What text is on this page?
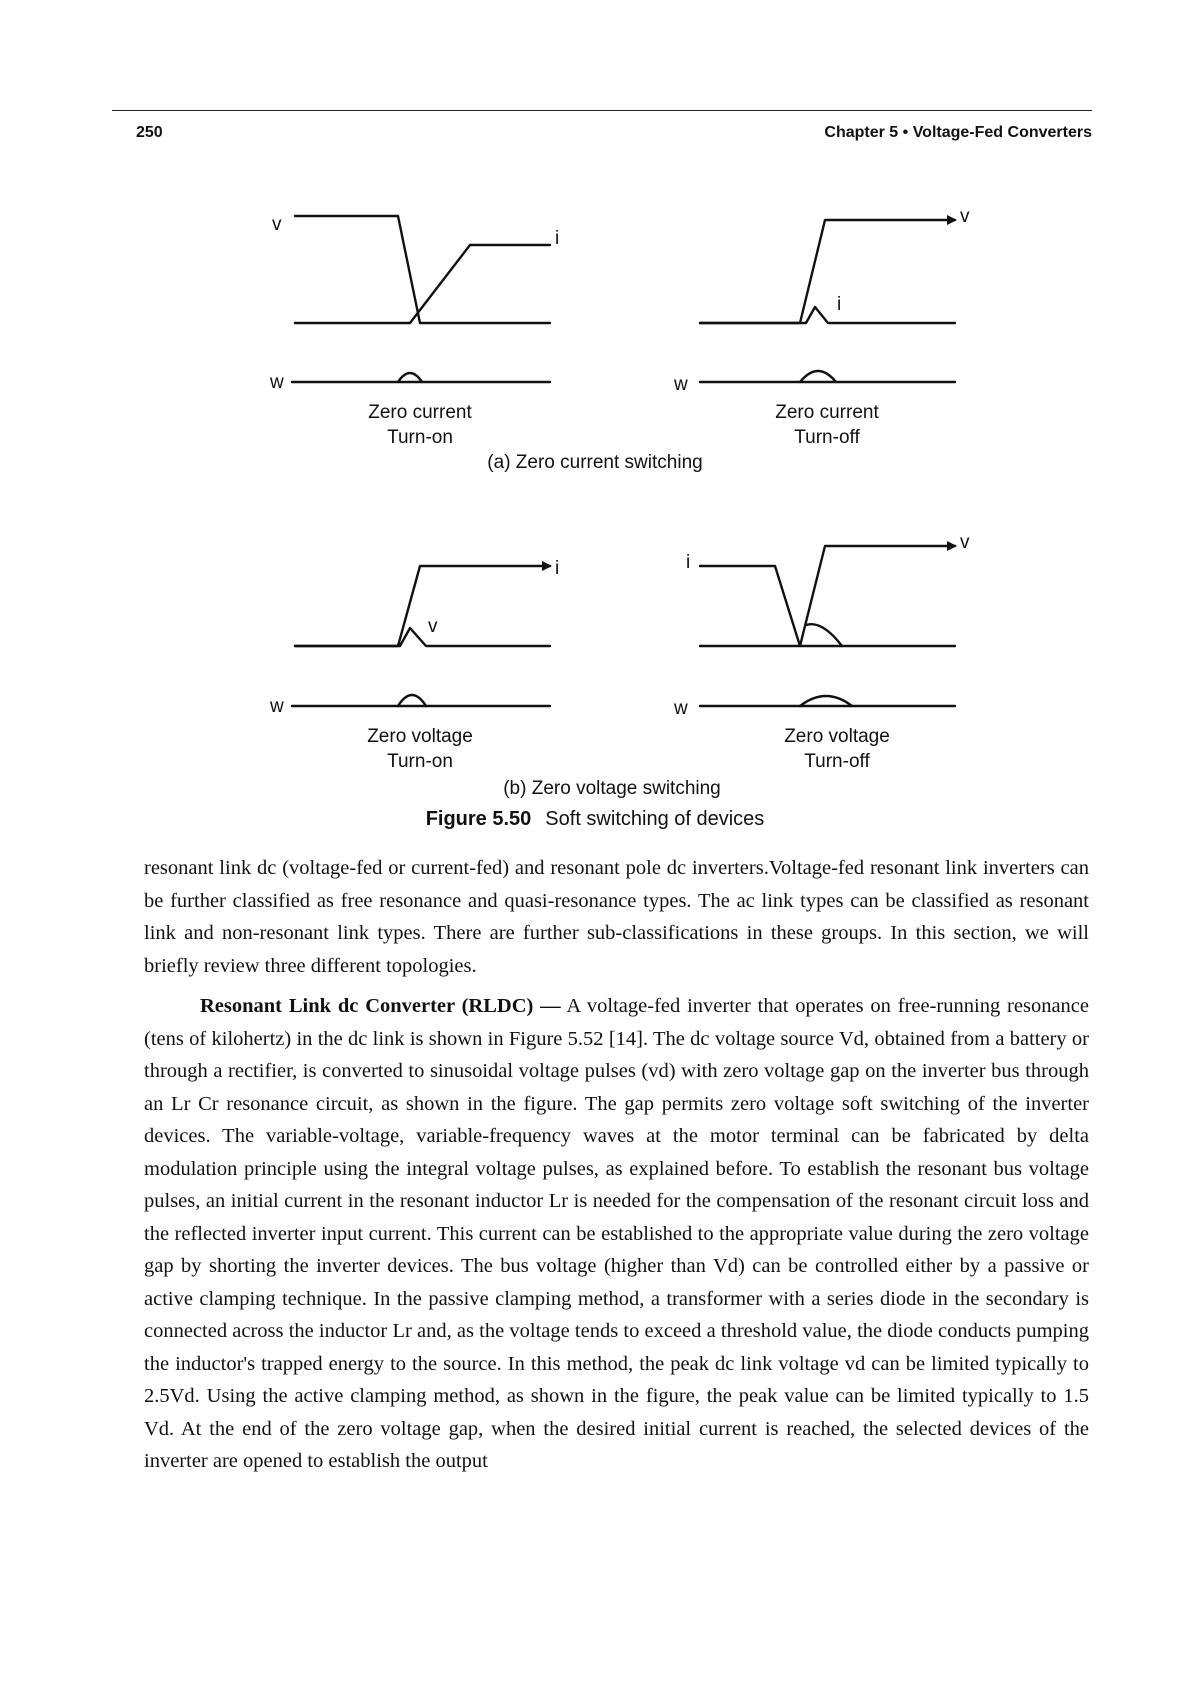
250	Chapter 5 • Voltage-Fed Converters
v
i
w
Zero current
Turn-on
v
i
w
Zero current
Turn-off
(a) Zero current switching
i
v
w
Zero voltage
Turn-on
v
i
w
Zero voltage
Turn-off
(b) Zero voltage switching
Figure 5.50 Soft switching of devices

resonant link dc (voltage-fed or current-fed) and resonant pole dc inverters.Voltage-fed resonant link inverters can be further classified as free resonance and quasi-resonance types. The ac link types can be classified as resonant link and non-resonant link types. There are further sub-classifications in these groups. In this section, we will briefly review three different topologies.

Resonant Link dc Converter (RLDC) — A voltage-fed inverter that operates on free-running resonance (tens of kilohertz) in the dc link is shown in Figure 5.52 [14]. The dc voltage source Vd, obtained from a battery or through a rectifier, is converted to sinusoidal voltage pulses (vd) with zero voltage gap on the inverter bus through an Lr Cr resonance circuit, as shown in the figure. The gap permits zero voltage soft switching of the inverter devices. The variable-voltage, variable-frequency waves at the motor terminal can be fabricated by delta modulation principle using the integral voltage pulses, as explained before. To establish the resonant bus voltage pulses, an initial current in the resonant inductor Lr is needed for the compensation of the resonant circuit loss and the reflected inverter input current. This current can be established to the appropriate value during the zero voltage gap by shorting the inverter devices. The bus voltage (higher than Vd) can be controlled either by a passive or active clamping technique. In the passive clamping method, a transformer with a series diode in the secondary is connected across the inductor Lr and, as the voltage tends to exceed a threshold value, the diode conducts pumping the inductor's trapped energy to the source. In this method, the peak dc link voltage vd can be limited typically to 2.5Vd. Using the active clamping method, as shown in the figure, the peak value can be limited typically to 1.5 Vd. At the end of the zero voltage gap, when the desired initial current is reached, the selected devices of the inverter are opened to establish the output
